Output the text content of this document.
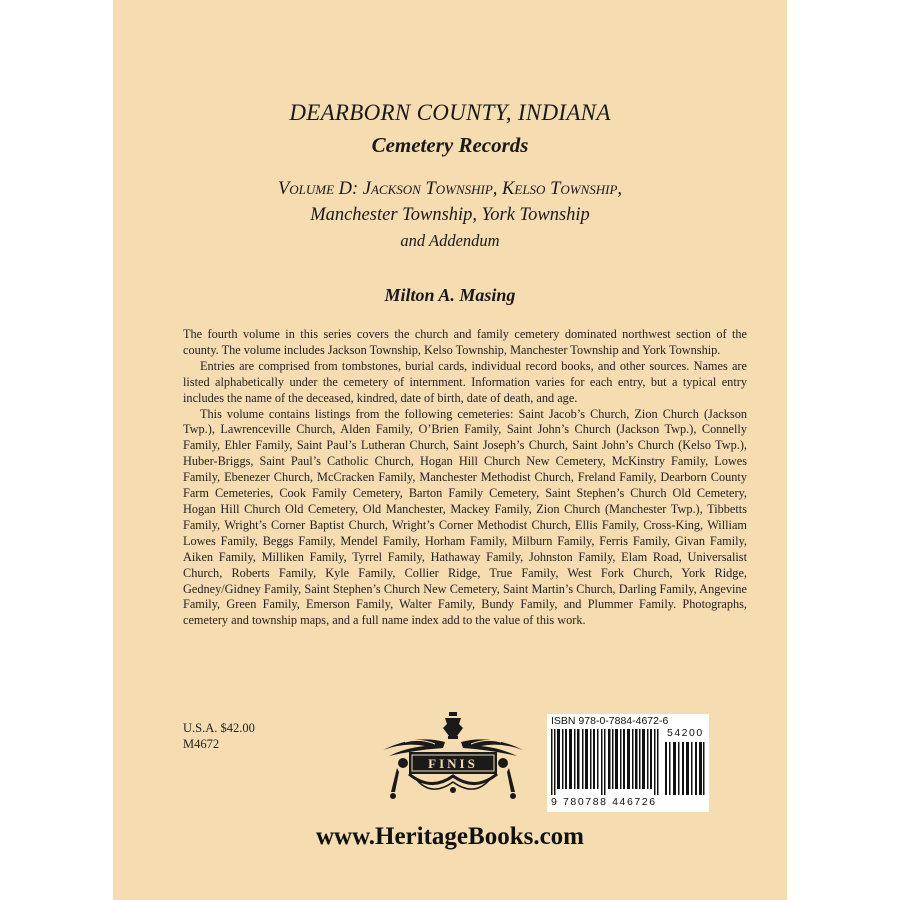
DEARBORN COUNTY, INDIANA
Cemetery Records
Volume D: Jackson Township, Kelso Township,
Manchester Township, York Township
and Addendum
Milton A. Masing

The fourth volume in this series covers the church and family cemetery dominated northwest section of the county. The volume includes Jackson Township, Kelso Township, Manchester Township and York Township.

Entries are comprised from tombstones, burial cards, individual record books, and other sources. Names are listed alphabetically under the cemetery of internment. Information varies for each entry, but a typical entry includes the name of the deceased, kindred, date of birth, date of death, and age.

This volume contains listings from the following cemeteries: Saint Jacob’s Church, Zion Church (Jackson Twp.), Lawrenceville Church, Alden Family, O’Brien Family, Saint John’s Church (Jackson Twp.), Connelly Family, Ehler Family, Saint Paul’s Lutheran Church, Saint Joseph’s Church, Saint John’s Church (Kelso Twp.), Huber-Briggs, Saint Paul’s Catholic Church, Hogan Hill Church New Cemetery, McKinstry Family, Lowes Family, Ebenezer Church, McCracken Family, Manchester Methodist Church, Freland Family, Dearborn County Farm Cemeteries, Cook Family Cemetery, Barton Family Cemetery, Saint Stephen’s Church Old Cemetery, Hogan Hill Church Old Cemetery, Old Manchester, Mackey Family, Zion Church (Manchester Twp.), Tibbetts Family, Wright’s Corner Baptist Church, Wright’s Corner Methodist Church, Ellis Family, Cross-King, William Lowes Family, Beggs Family, Mendel Family, Horham Family, Milburn Family, Ferris Family, Givan Family, Aiken Family, Milliken Family, Tyrrel Family, Hathaway Family, Johnston Family, Elam Road, Universalist Church, Roberts Family, Kyle Family, Collier Ridge, True Family, West Fork Church, York Ridge, Gedney/Gidney Family, Saint Stephen’s Church New Cemetery, Saint Martin’s Church, Darling Family, Angevine Family, Green Family, Emerson Family, Walter Family, Bundy Family, and Plummer Family. Photographs, cemetery and township maps, and a full name index add to the value of this work.

U.S.A. $42.00
M4672
FINIS
ISBN 978-0-7884-4672-6
54200
9 780788 446726
www.HeritageBooks.com
